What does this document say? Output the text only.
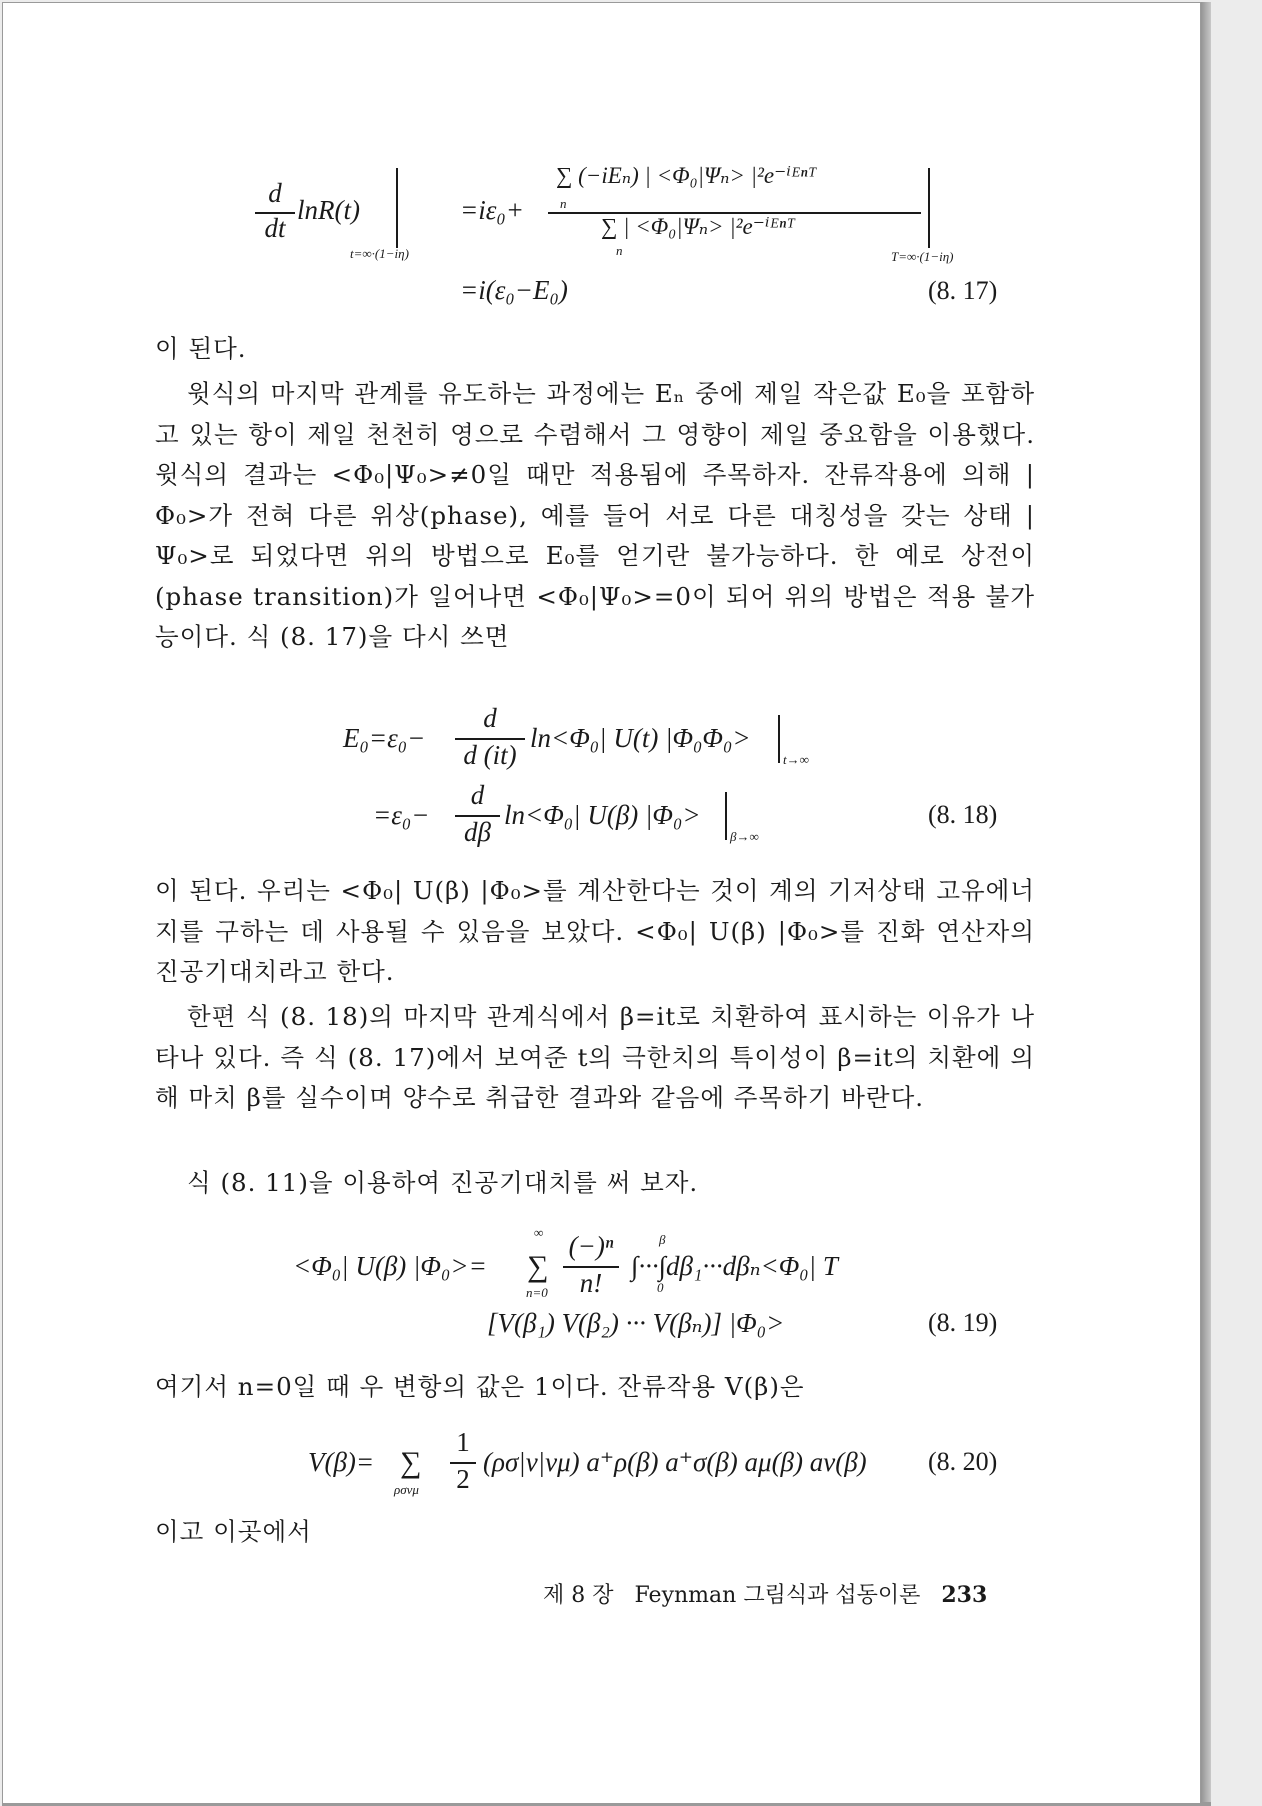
d
dt
lnR(t)
t=∞·(1−iη)
=iε₀+
∑ (−iEₙ) | <Φ₀|Ψₙ> |²e⁻ⁱᴱⁿᵀ
n
∑ | <Φ₀|Ψₙ> |²e⁻ⁱᴱⁿᵀ
n	T=∞·(1−iη)
=i(ε₀−E₀)	(8. 17)

이 된다.

윗식의 마지막 관계를 유도하는 과정에는 Eₙ 중에 제일 작은값 E₀을 포함하고 있는 항이 제일 천천히 영으로 수렴해서 그 영향이 제일 중요함을 이용했다. 윗식의 결과는 <Φ₀|Ψ₀>≠0일 때만 적용됨에 주목하자. 잔류작용에 의해 |Φ₀>가 전혀 다른 위상(phase), 예를 들어 서로 다른 대칭성을 갖는 상태 |Ψ₀>로 되었다면 위의 방법으로 E₀를 얻기란 불가능하다. 한 예로 상전이(phase transition)가 일어나면 <Φ₀|Ψ₀>=0이 되어 위의 방법은 적용 불가능이다. 식 (8. 17)을 다시 쓰면

E₀=ε₀−
d
d (it)
ln<Φ₀| U(t) |Φ₀Φ₀>
t→∞
=ε₀−
d
dβ
ln<Φ₀| U(β) |Φ₀>
β→∞
(8. 18)

이 된다. 우리는 <Φ₀| U(β) |Φ₀>를 계산한다는 것이 계의 기저상태 고유에너지를 구하는 데 사용될 수 있음을 보았다. <Φ₀| U(β) |Φ₀>를 진화 연산자의 진공기대치라고 한다.

한편 식 (8. 18)의 마지막 관계식에서 β=it로 치환하여 표시하는 이유가 나타나 있다. 즉 식 (8. 17)에서 보여준 t의 극한치의 특이성이 β=it의 치환에 의해 마치 β를 실수이며 양수로 취급한 결과와 같음에 주목하기 바란다.

식 (8. 11)을 이용하여 진공기대치를 써 보자.

<Φ₀| U(β) |Φ₀>=
∞
∑
n=0
(−)ⁿ
n!
β
0
∫···∫dβ₁···dβₙ<Φ₀| T
[V(β₁) V(β₂) ··· V(βₙ)] |Φ₀>	(8. 19)

여기서 n=0일 때 우 변항의 값은 1이다. 잔류작용 V(β)은

V(β)= ∑
ρσνμ
1
2
(ρσ|v|νμ) a⁺ρ(β) a⁺σ(β) aμ(β) aν(β) (8. 20)

이고 이곳에서

제 8 장 Feynman 그림식과 섭동이론 233
